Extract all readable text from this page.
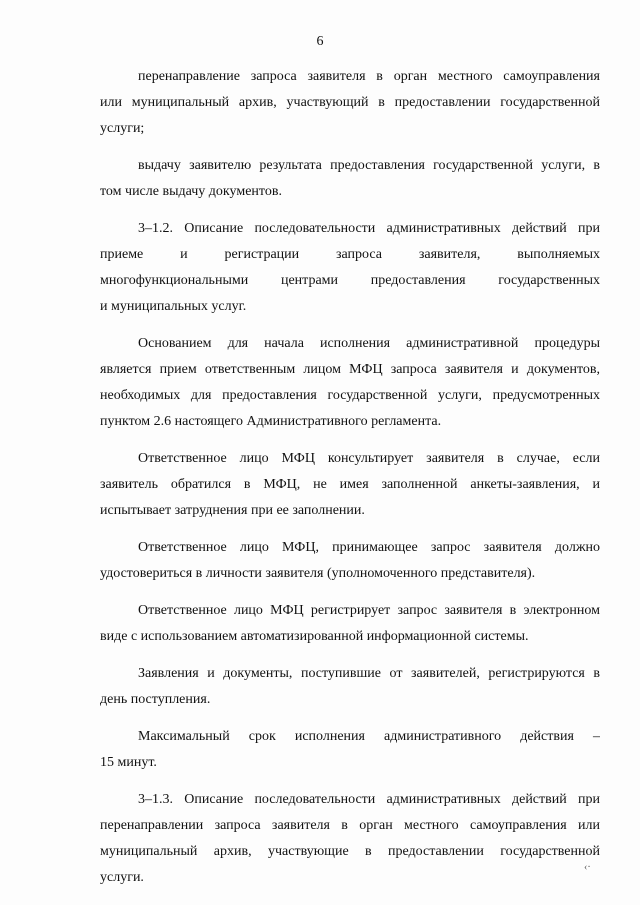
6

перенаправление запроса заявителя в орган местного самоуправления
или муниципальный архив, участвующий в предоставлении государственной
услуги;

выдачу заявителю результата предоставления государственной услуги, в
том числе выдачу документов.

3–1.2. Описание последовательности административных действий при
приеме и регистрации запроса заявителя, выполняемых
многофункциональными центрами предоставления государственных
и муниципальных услуг.

Основанием для начала исполнения административной процедуры
является прием ответственным лицом МФЦ запроса заявителя и документов,
необходимых для предоставления государственной услуги, предусмотренных
пунктом 2.6 настоящего Административного регламента.

Ответственное лицо МФЦ консультирует заявителя в случае, если
заявитель обратился в МФЦ, не имея заполненной анкеты-заявления, и
испытывает затруднения при ее заполнении.

Ответственное лицо МФЦ, принимающее запрос заявителя должно
удостовериться в личности заявителя (уполномоченного представителя).

Ответственное лицо МФЦ регистрирует запрос заявителя в электронном
виде с использованием автоматизированной информационной системы.

Заявления и документы, поступившие от заявителей, регистрируются в
день поступления.

Максимальный срок исполнения административного действия –
15 минут.

3–1.3. Описание последовательности административных действий при
перенаправлении запроса заявителя в орган местного самоуправления или
муниципальный архив, участвующие в предоставлении государственной
услуги.

‹·
